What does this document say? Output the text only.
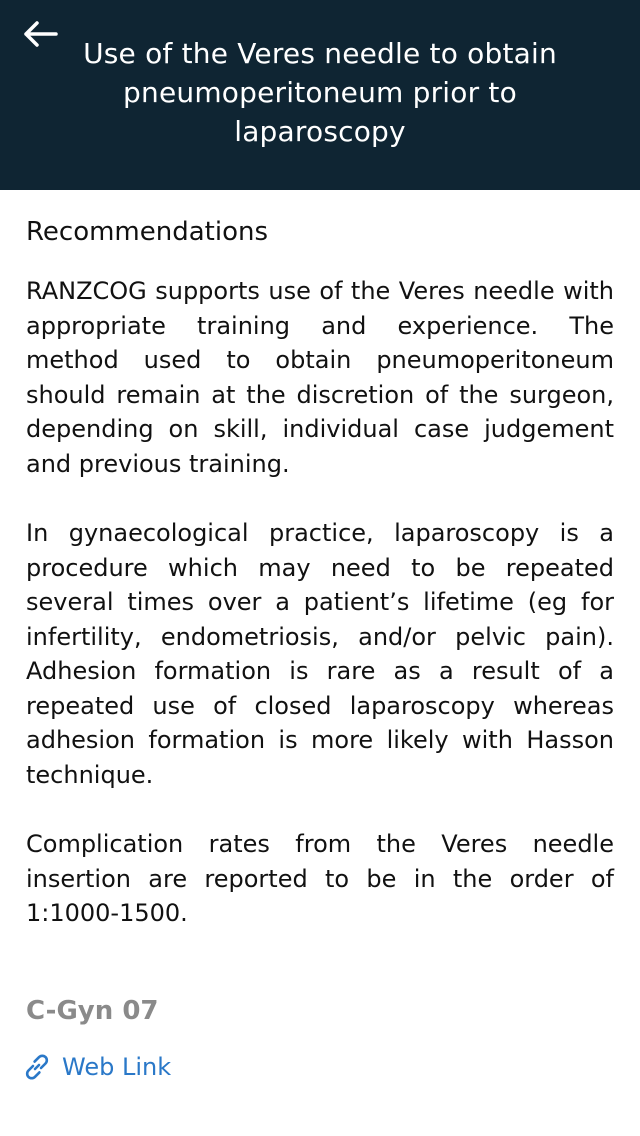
Use of the Veres needle to obtain pneumoperitoneum prior to laparoscopy
Recommendations

RANZCOG supports use of the Veres needle with appropriate training and experience. The method used to obtain pneumoperitoneum should remain at the discretion of the surgeon, depending on skill, individual case judgement and previous training.

In gynaecological practice, laparoscopy is a procedure which may need to be repeated several times over a patient’s lifetime (eg for infertility, endometriosis, and/or pelvic pain). Adhesion formation is rare as a result of a repeated use of closed laparoscopy whereas adhesion formation is more likely with Hasson technique.

Complication rates from the Veres needle insertion are reported to be in the order of 1:1000-1500.

C-Gyn 07
Web Link
